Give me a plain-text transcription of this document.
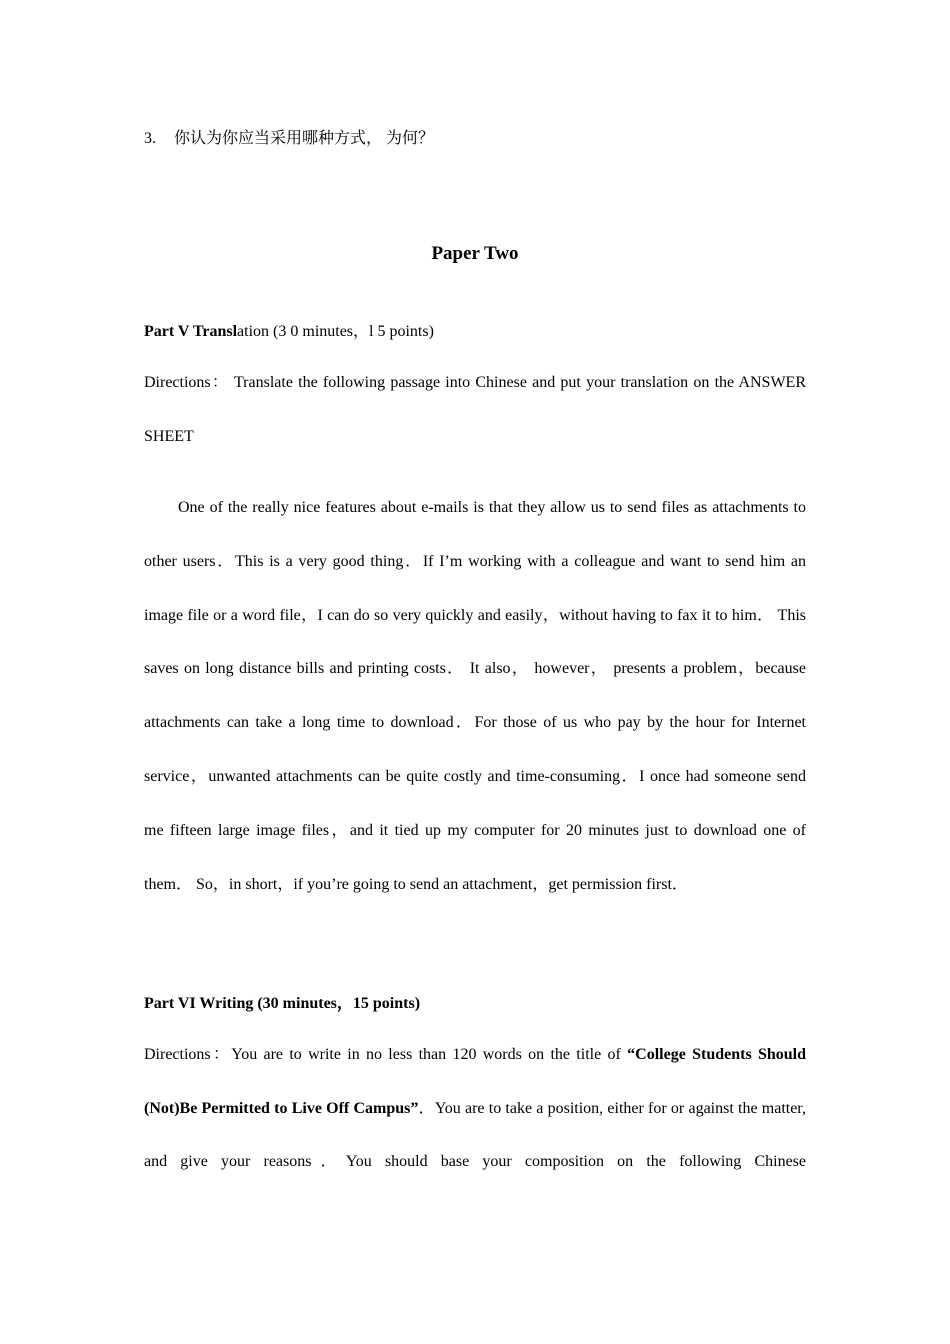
3. 你认为你应当采用哪种方式， 为何？

Paper Two

Part V Translation (3 0 minutes，l 5 points)

Directions： Translate the following passage into Chinese and put your translation on the ANSWER SHEET

One of the really nice features about e-mails is that they allow us to send files as attachments to other users．This is a very good thing．If I’m working with a colleague and want to send him an image file or a word file，I can do so very quickly and easily，without having to fax it to him． This saves on long distance bills and printing costs． It also， however， presents a problem，because attachments can take a long time to download．For those of us who pay by the hour for Internet service，unwanted attachments can be quite costly and time-consuming．I once had someone send me fifteen large image files，and it tied up my computer for 20 minutes just to download one of them． So，in short，if you’re going to send an attachment，get permission first．

Part VI Writing (30 minutes，15 points)

Directions：You are to write in no less than 120 words on the title of “College Students Should (Not)Be Permitted to Live Off Campus”．You are to take a position, either for or against the matter, and give your reasons．You should base your composition on the following Chinese
